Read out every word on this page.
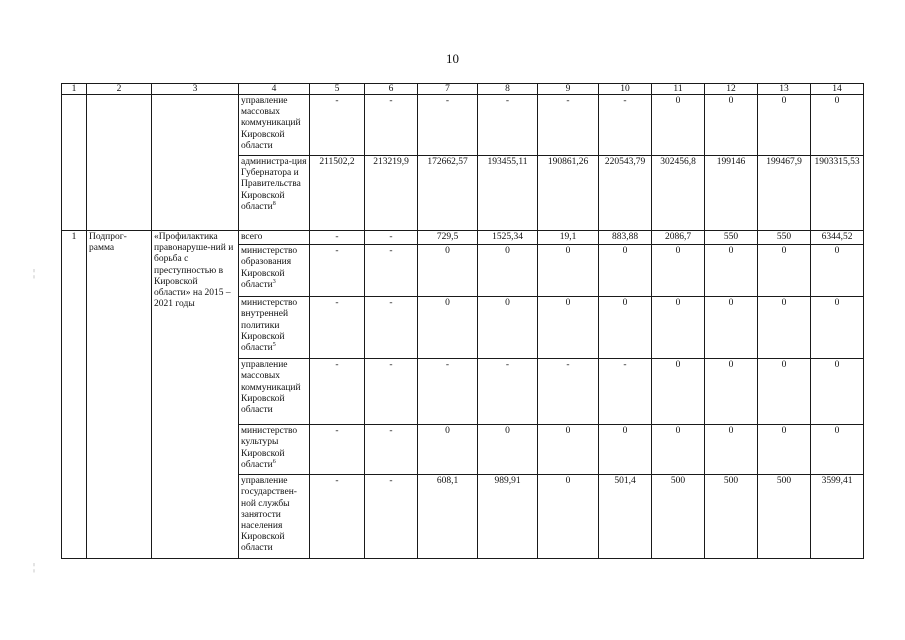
10
1	2	3	4	5	6	7	8	9	10	11	12	13	14
			управление массовых коммуникаций Кировской области	-	-	-	-	-	-	0	0	0	0
			администра-ция Губернатора и Правительства Кировской области$^8$	211502,2	213219,9	172662,57	193455,11	190861,26	220543,79	302456,8	199146	199467,9	1903315,53
1	Подпрог-рамма	«Профилактика правонаруше-ний и борьба с преступностью в Кировской области» на 2015 – 2021 годы	всего	-	-	729,5	1525,34	19,1	883,88	2086,7	550	550	6344,52
			министерство образования Кировской области$^3$	-	-	0	0	0	0	0	0	0	0
			министерство внутренней политики Кировской области$^5$	-	-	0	0	0	0	0	0	0	0
			управление массовых коммуникаций Кировской области	-	-	-	-	-	-	0	0	0	0
			министерство культуры Кировской области$^6$	-	-	0	0	0	0	0	0	0	0
			управление государствен-ной службы занятости населения Кировской области	-	-	608,1	989,91	0	501,4	500	500	500	3599,41
¦
¦
